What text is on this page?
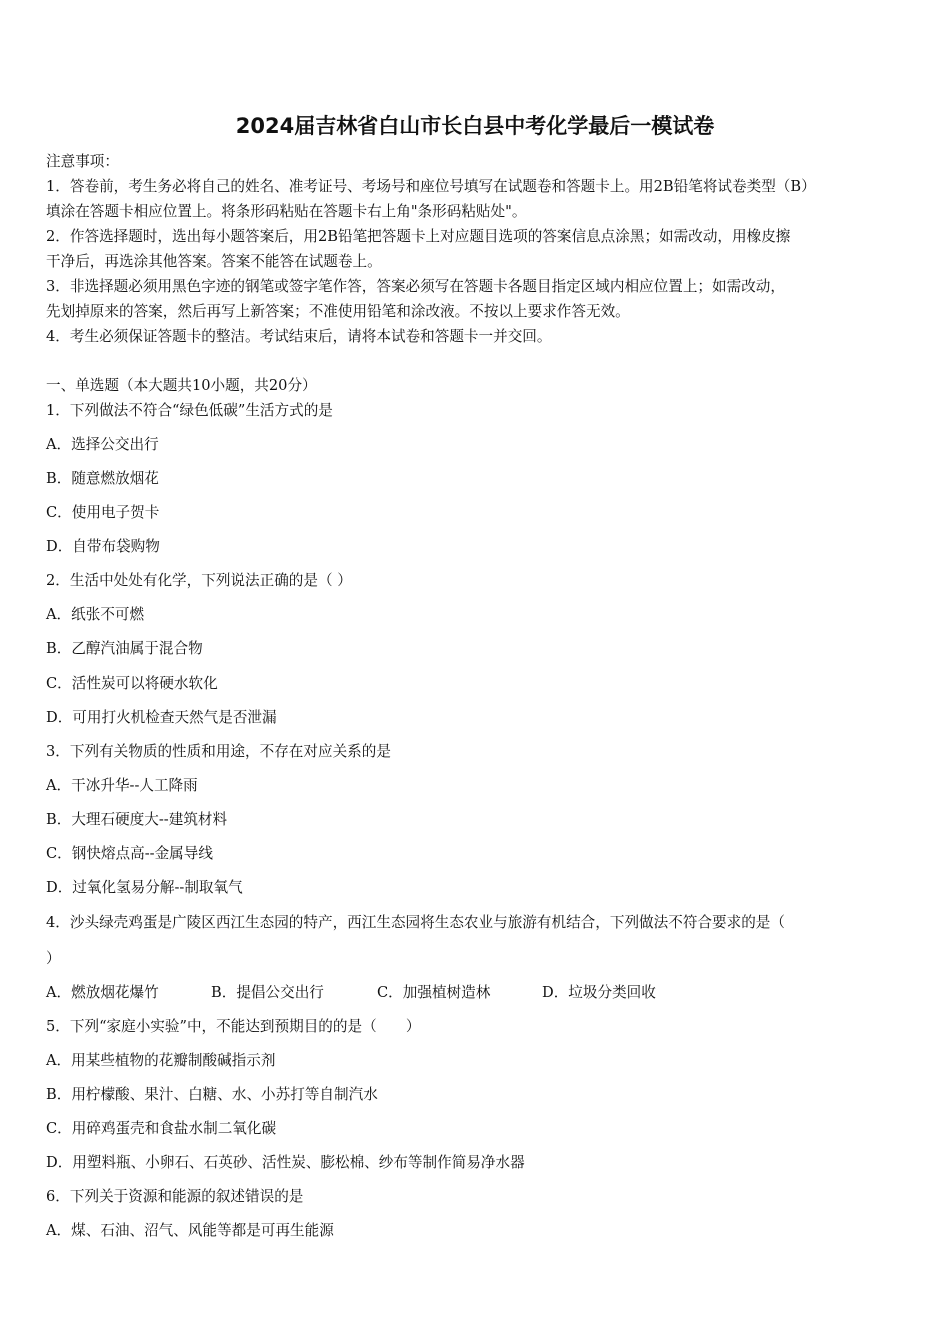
2024届吉林省白山市长白县中考化学最后一模试卷
注意事项：
1．答卷前，考生务必将自己的姓名、准考证号、考场号和座位号填写在试题卷和答题卡上。用2B铅笔将试卷类型（B）
填涂在答题卡相应位置上。将条形码粘贴在答题卡右上角"条形码粘贴处"。
2．作答选择题时，选出每小题答案后，用2B铅笔把答题卡上对应题目选项的答案信息点涂黑；如需改动，用橡皮擦
干净后，再选涂其他答案。答案不能答在试题卷上。
3．非选择题必须用黑色字迹的钢笔或签字笔作答，答案必须写在答题卡各题目指定区域内相应位置上；如需改动，
先划掉原来的答案，然后再写上新答案；不准使用铅笔和涂改液。不按以上要求作答无效。
4．考生必须保证答题卡的整洁。考试结束后，请将本试卷和答题卡一并交回。
一、单选题（本大题共10小题，共20分）
1．下列做法不符合“绿色低碳”生活方式的是
A．选择公交出行
B．随意燃放烟花
C．使用电子贺卡
D．自带布袋购物
2．生活中处处有化学，下列说法正确的是（ ）
A．纸张不可燃
B．乙醇汽油属于混合物
C．活性炭可以将硬水软化
D．可用打火机检查天然气是否泄漏
3．下列有关物质的性质和用途，不存在对应关系的是
A．干冰升华--人工降雨
B．大理石硬度大--建筑材料
C．钢快熔点高--金属导线
D．过氧化氢易分解--制取氧气
4．沙头绿壳鸡蛋是广陵区西江生态园的特产，西江生态园将生态农业与旅游有机结合，下列做法不符合要求的是（
）
A．燃放烟花爆竹	B．提倡公交出行	C．加强植树造林	D．垃圾分类回收
5．下列“家庭小实验”中，不能达到预期目的的是（　　）
A．用某些植物的花瓣制酸碱指示剂
B．用柠檬酸、果汁、白糖、水、小苏打等自制汽水
C．用碎鸡蛋壳和食盐水制二氧化碳
D．用塑料瓶、小卵石、石英砂、活性炭、膨松棉、纱布等制作简易净水器
6．下列关于资源和能源的叙述错误的是
A．煤、石油、沼气、风能等都是可再生能源
